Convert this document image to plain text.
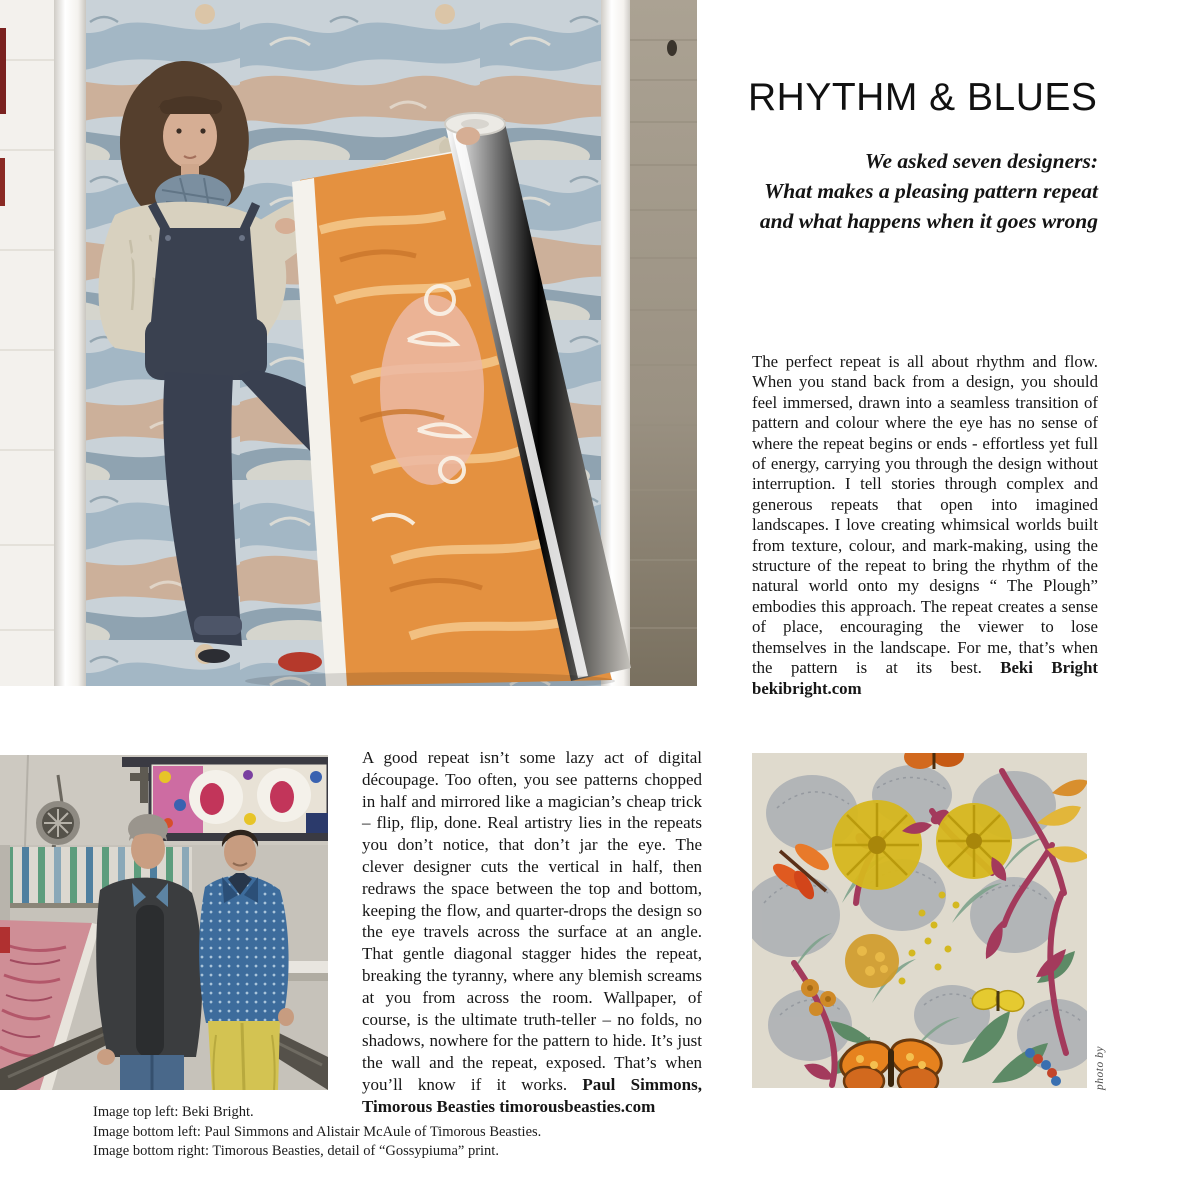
RHYTHM & BLUES
We asked seven designers:
What makes a pleasing pattern repeat
and what happens when it goes wrong
The perfect repeat is all about rhythm and flow. When you stand back from a design, you should feel immersed, drawn into a seamless transition of pattern and colour where the eye has no sense of where the repeat begins or ends - effortless yet full of energy, carrying you through the design without interruption. I tell stories through complex and generous repeats that open into imagined landscapes. I love creating whimsical worlds built from texture, colour, and mark-making, using the structure of the repeat to bring the rhythm of the natural world onto my designs “ The Plough” embodies this approach. The repeat creates a sense of place, encouraging the viewer to lose themselves in the landscape. For me, that’s when the pattern is at its best. Beki Bright bekibright.com
A good repeat isn’t some lazy act of digital découpage. Too often, you see patterns chopped in half and mirrored like a magician’s cheap trick – flip, flip, done. Real artistry lies in the repeats you don’t notice, that don’t jar the eye. The clever designer cuts the vertical in half, then redraws the space between the top and bottom, keeping the flow, and quarter-drops the design so the eye travels across the surface at an angle. That gentle diagonal stagger hides the repeat, breaking the tyranny, where any blemish screams at you from across the room. Wallpaper, of course, is the ultimate truth-teller – no folds, no shadows, nowhere for the pattern to hide. It’s just the wall and the repeat, exposed. That’s when you’ll know if it works. Paul Simmons, Timorous Beasties timorousbeasties.com
photo by
Image top left: Beki Bright.
Image bottom left: Paul Simmons and Alistair McAule of Timorous Beasties.
Image bottom right: Timorous Beasties, detail of “Gossypiuma” print.
